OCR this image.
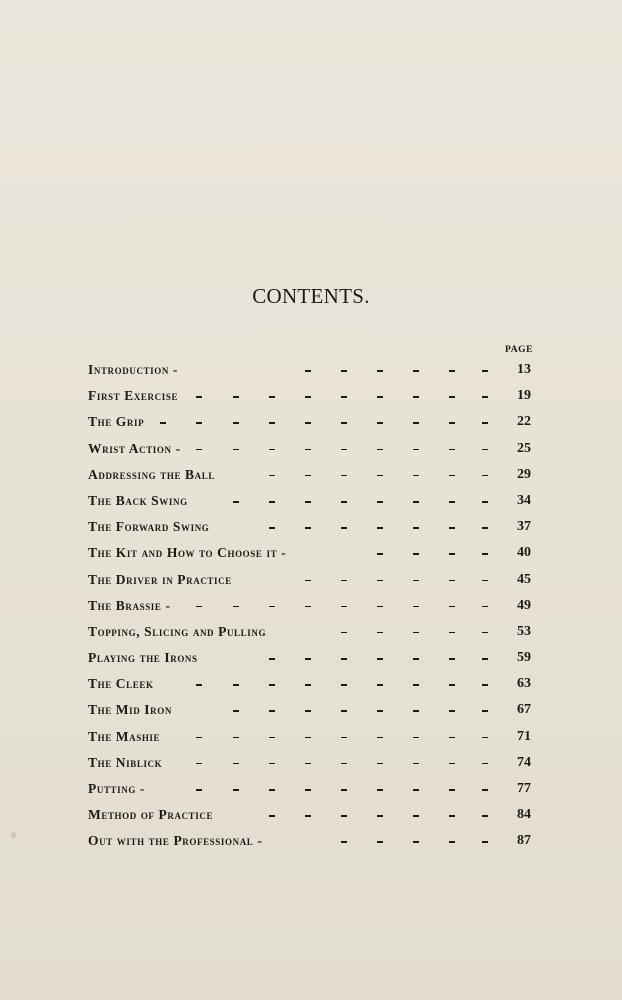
CONTENTS.
PAGE
Introduction -	13
First Exercise	19
The Grip	22
Wrist Action -	25
Addressing the Ball	29
The Back Swing	34
The Forward Swing	37
The Kit and How to Choose it -	40
The Driver in Practice	45
The Brassie -	49
Topping, Slicing and Pulling	53
Playing the Irons	59
The Cleek	63
The Mid Iron	67
The Mashie	71
The Niblick	74
Putting -	77
Method of Practice	84
Out with the Professional -	87
